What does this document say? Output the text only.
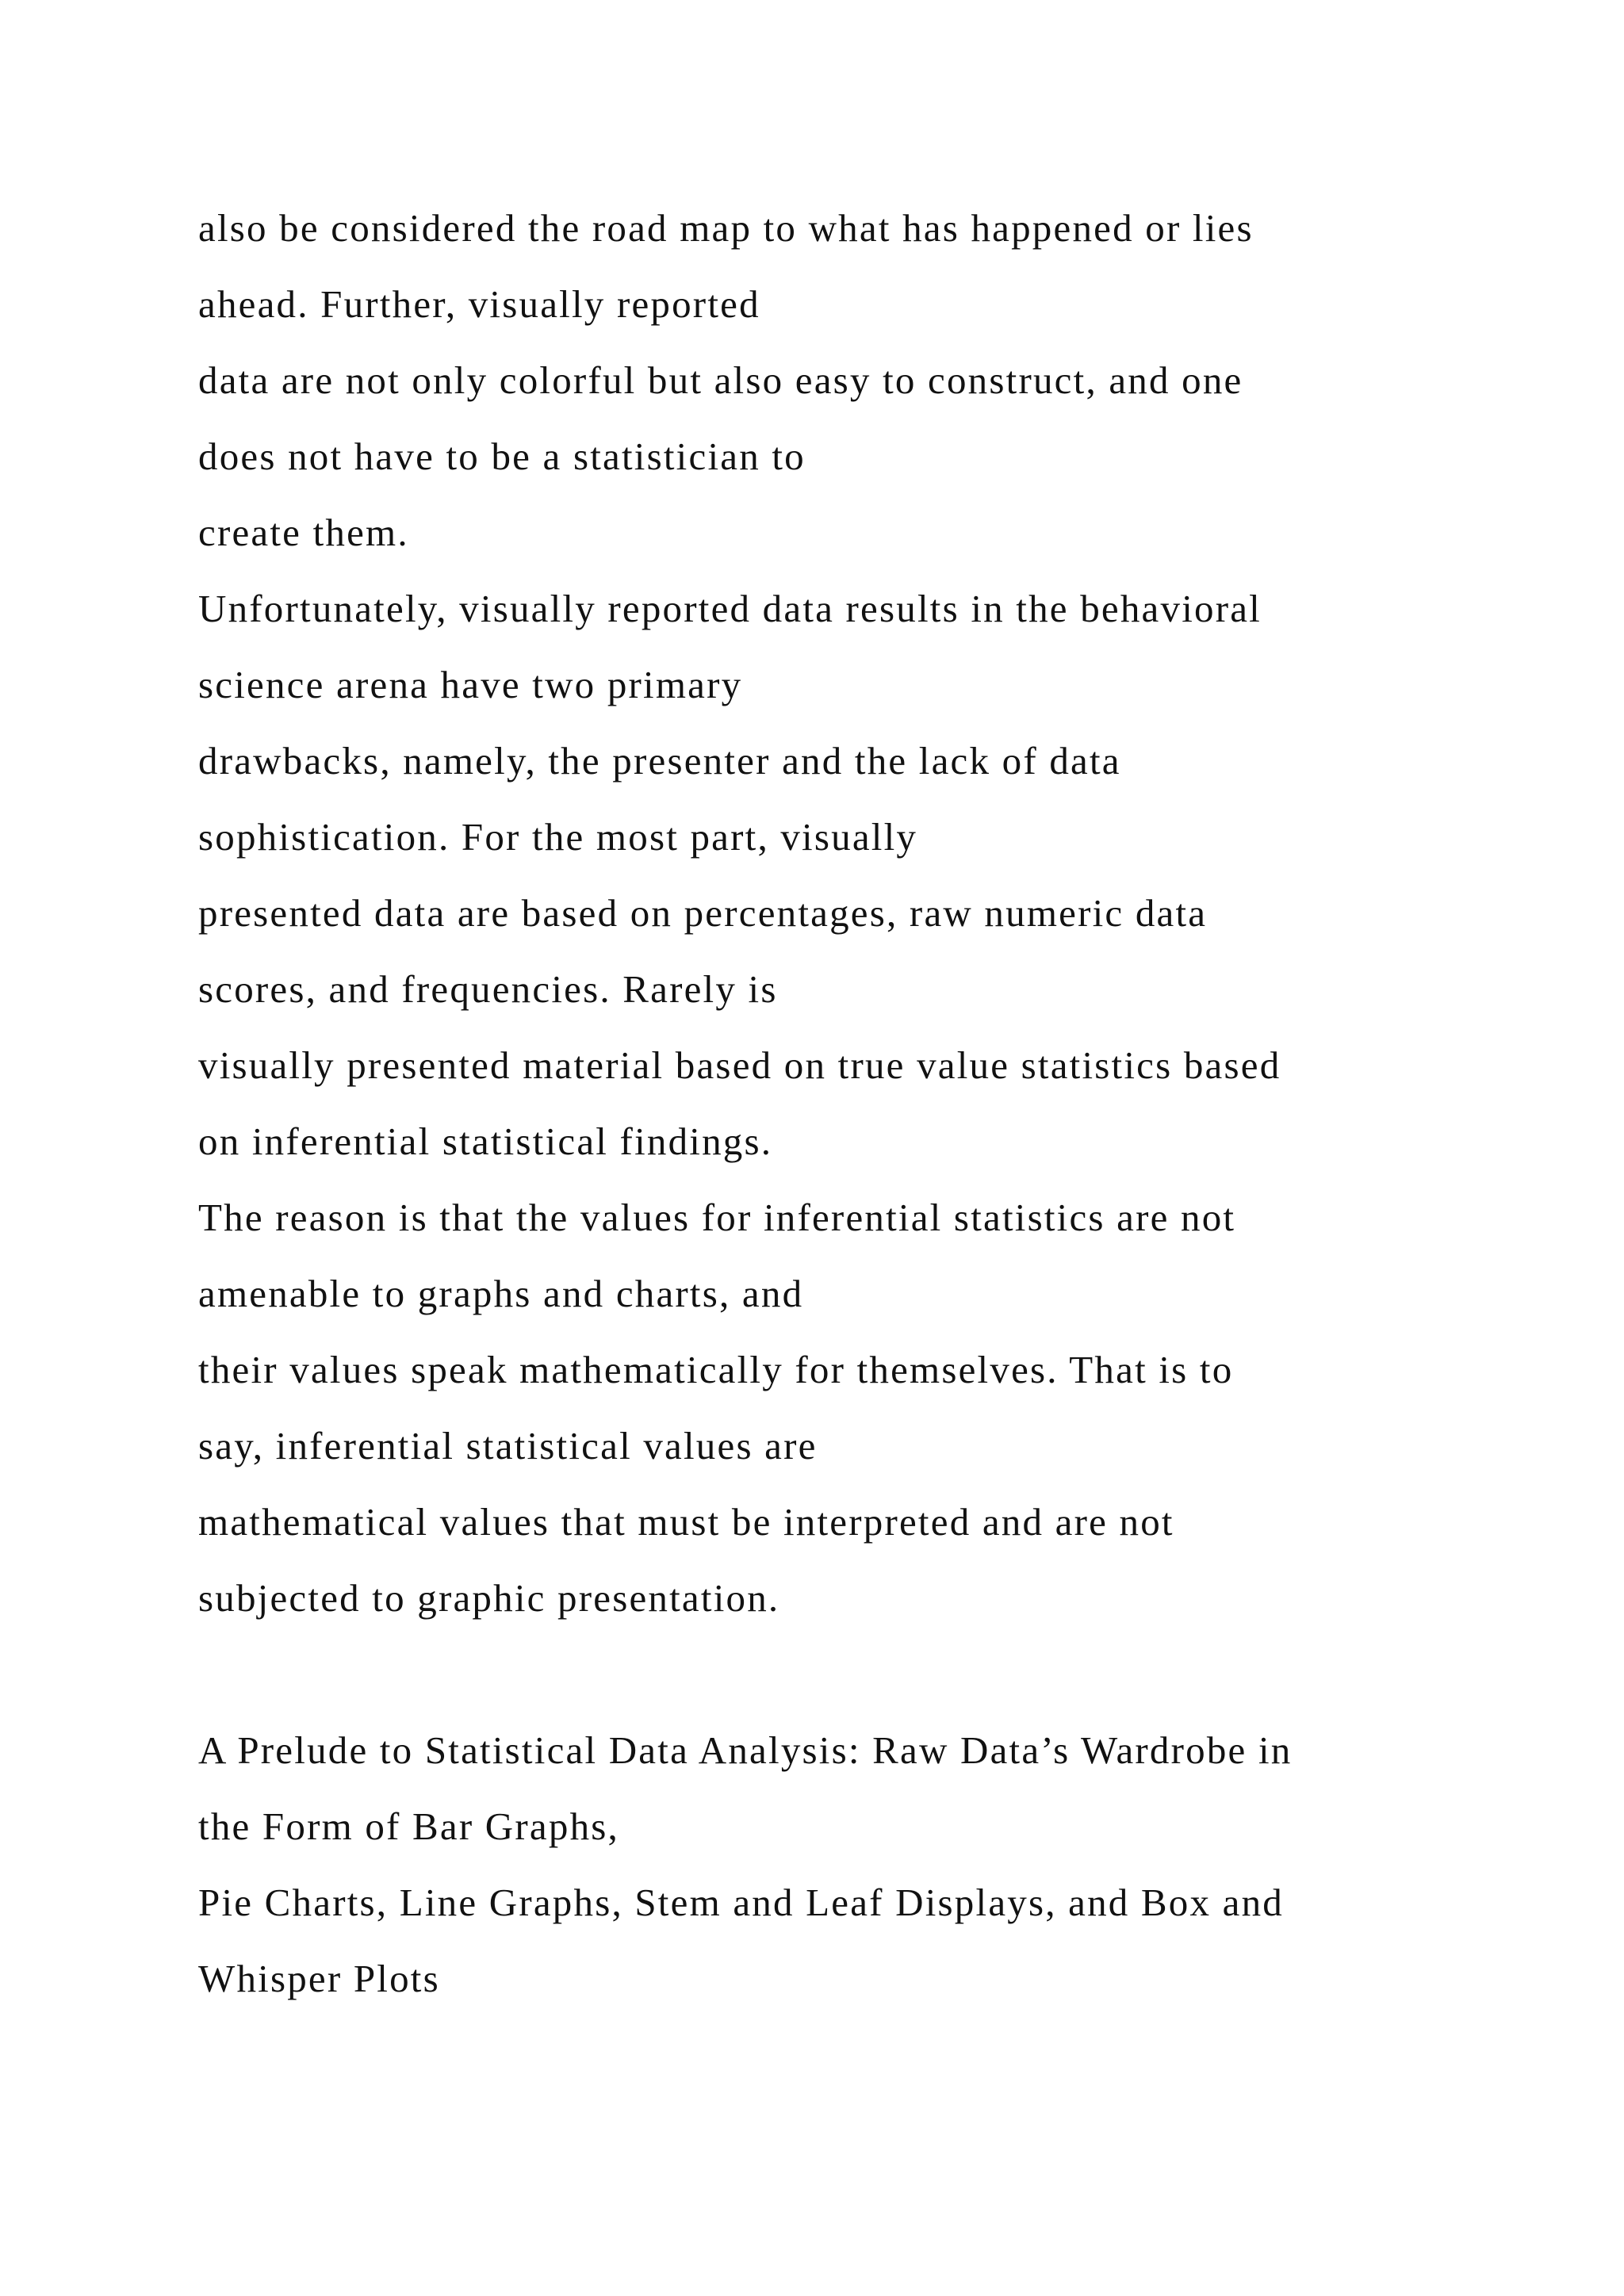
also be considered the road map to what has happened or lies
ahead. Further, visually reported
data are not only colorful but also easy to construct, and one
does not have to be a statistician to
create them.
Unfortunately, visually reported data results in the behavioral
science arena have two primary
drawbacks, namely, the presenter and the lack of data
sophistication. For the most part, visually
presented data are based on percentages, raw numeric data
scores, and frequencies. Rarely is
visually presented material based on true value statistics based
on inferential statistical findings.
The reason is that the values for inferential statistics are not
amenable to graphs and charts, and
their values speak mathematically for themselves. That is to
say, inferential statistical values are
mathematical values that must be interpreted and are not
subjected to graphic presentation.
A Prelude to Statistical Data Analysis: Raw Data’s Wardrobe in
the Form of Bar Graphs,
Pie Charts, Line Graphs, Stem and Leaf Displays, and Box and
Whisper Plots
